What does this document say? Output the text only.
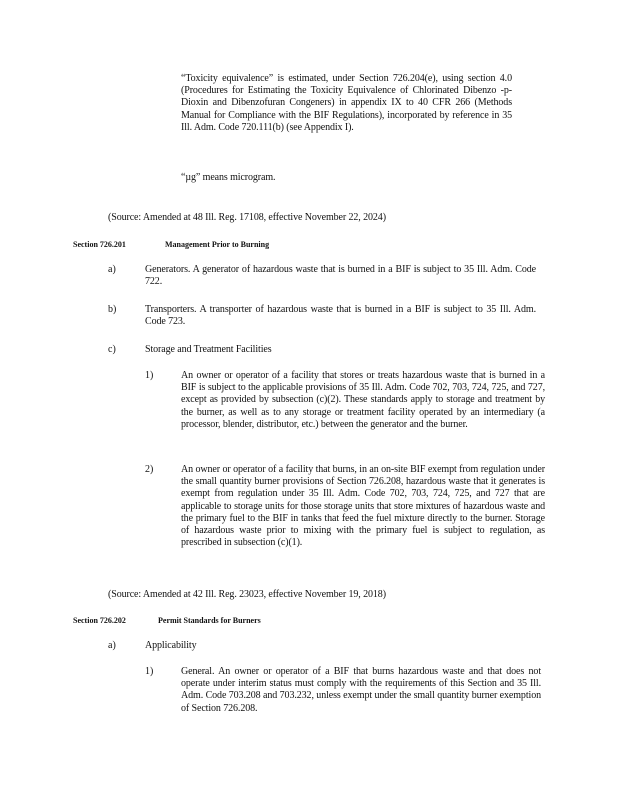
“Toxicity equivalence” is estimated, under Section 726.204(e), using section 4.0 (Procedures for Estimating the Toxicity Equivalence of Chlorinated Dibenzo -p-Dioxin and Dibenzofuran Congeners) in appendix IX to 40 CFR 266 (Methods Manual for Compliance with the BIF Regulations), incorporated by reference in 35 Ill. Adm. Code 720.111(b) (see Appendix I).
“µg” means microgram.
(Source: Amended at 48 Ill. Reg. 17108, effective November 22, 2024)
Section 726.201	Management Prior to Burning
a)	Generators. A generator of hazardous waste that is burned in a BIF is subject to 35 Ill. Adm. Code 722.
b)	Transporters. A transporter of hazardous waste that is burned in a BIF is subject to 35 Ill. Adm. Code 723.
c)	Storage and Treatment Facilities
1)	An owner or operator of a facility that stores or treats hazardous waste that is burned in a BIF is subject to the applicable provisions of 35 Ill. Adm. Code 702, 703, 724, 725, and 727, except as provided by subsection (c)(2). These standards apply to storage and treatment by the burner, as well as to any storage or treatment facility operated by an intermediary (a processor, blender, distributor, etc.) between the generator and the burner.
2)	An owner or operator of a facility that burns, in an on-site BIF exempt from regulation under the small quantity burner provisions of Section 726.208, hazardous waste that it generates is exempt from regulation under 35 Ill. Adm. Code 702, 703, 724, 725, and 727 that are applicable to storage units for those storage units that store mixtures of hazardous waste and the primary fuel to the BIF in tanks that feed the fuel mixture directly to the burner. Storage of hazardous waste prior to mixing with the primary fuel is subject to regulation, as prescribed in subsection (c)(1).
(Source: Amended at 42 Ill. Reg. 23023, effective November 19, 2018)
Section 726.202	Permit Standards for Burners
a)	Applicability
1)	General. An owner or operator of a BIF that burns hazardous waste and that does not operate under interim status must comply with the requirements of this Section and 35 Ill. Adm. Code 703.208 and 703.232, unless exempt under the small quantity burner exemption of Section 726.208.
